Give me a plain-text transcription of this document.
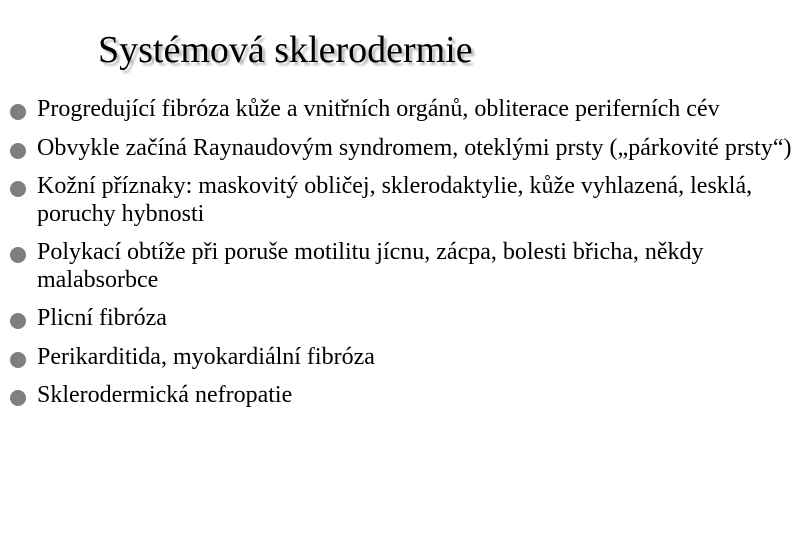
Systémová sklerodermie
Progredující fibróza kůže a vnitřních orgánů, obliterace periferních cév
Obvykle začíná Raynaudovým syndromem, oteklými prsty („párkovité prsty“)
Kožní příznaky: maskovitý obličej, sklerodaktylie, kůže vyhlazená, lesklá, poruchy hybnosti
Polykací obtíže při poruše motilitu jícnu, zácpa, bolesti břicha, někdy malabsorbce
Plicní fibróza
Perikarditida, myokardiální fibróza
Sklerodermická nefropatie
